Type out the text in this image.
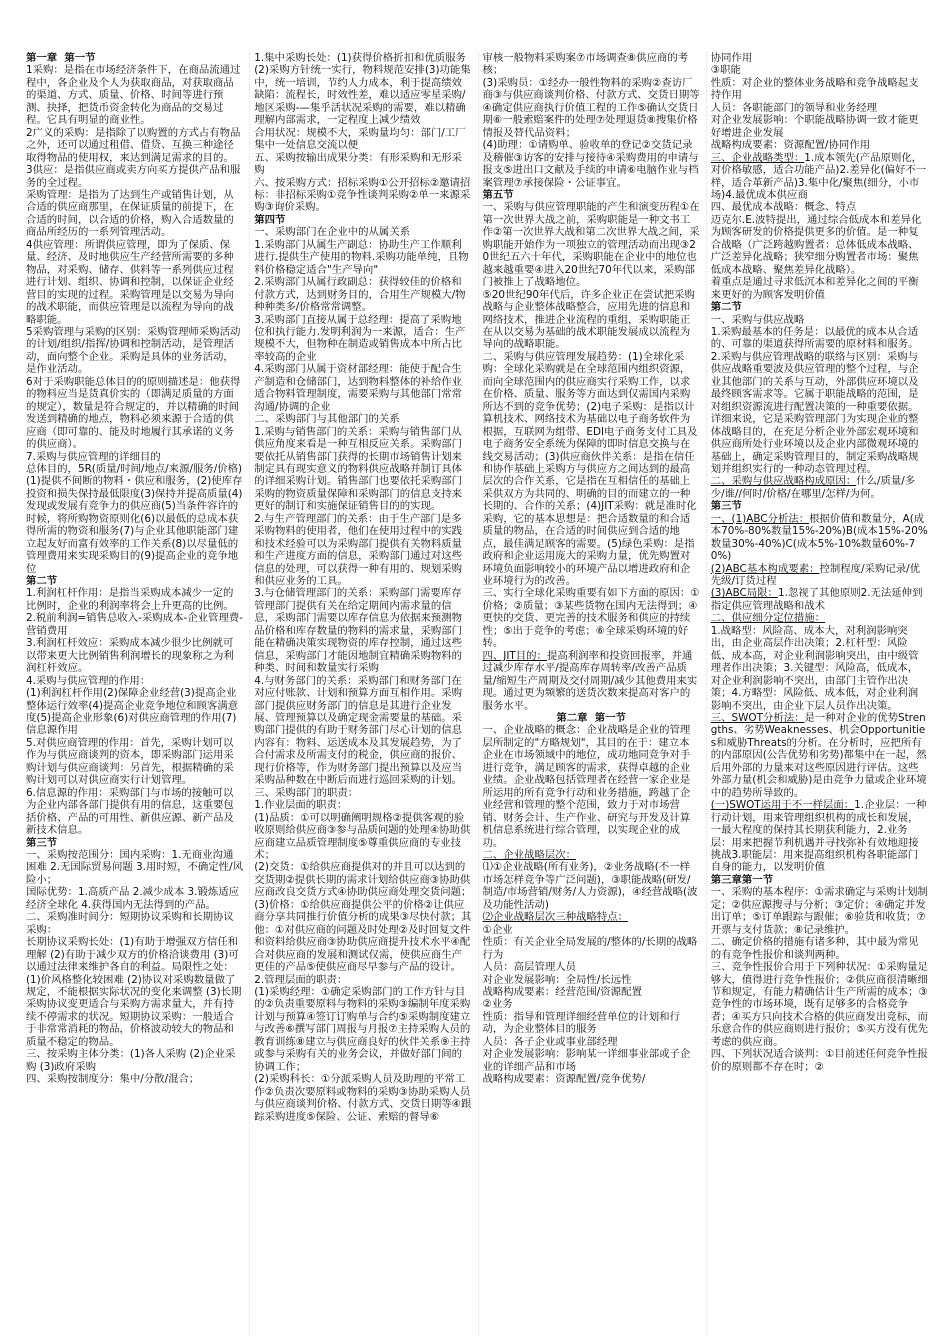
第一章  第一节

1采购：是指在市场经济条件下，在商品流通过程中，各企业及个人为获取商品，对获取商品的渠道、方式、质量、价格、时间等进行预测、抉择，把货币资金转化为商品的交易过程。它具有明显的商业性。

2广义的采购：是指除了以购置的方式占有物品之外，还可以通过租借、借贷、互换三种途径取得物品的使用权，来达到满足需求的目的。

3供应：是指供应商或卖方向买方提供产品和服务的全过程。

采购管理：是指为了达到生产或销售计划，从合适的供应商那里，在保证质量的前提下，在合适的时间，以合适的价格，购入合适数量的商品所经历的一系列管理活动。

4供应管理：所谓供应管理，即为了保质、保量、经济、及时地供应生产经营所需要的多种物品，对采购、储存、供料等一系列供应过程进行计划、组织、协调和控制，以保证企业经营目的实现的过程。采购管理是以交易为导向的战术职能，而供应管理是以流程为导向的战略职能。

5采购管理与采购的区别：采购管理师采购活动的计划/组织/指挥/协调和控制活动，是管理活动，面向整个企业。采购是具体的业务活动，是作业活动。

6对于采购职能总体目的的原则描述是：他获得的物料应当是货真价实的（即满足质量的方面的规定），数量是符合规定的，并以精确的时间发送到精确的地点，物料必须来源于合适的供应商（即可靠的、能及时地履行其承诺的义务的供应商）。

7.采购与供应管理的详细目的

总体目的，5R(质量/时间/地点/来源/服务/价格)

(1)提供不间断的物料・供应和服务，(2)使库存投资和损失保持最低限度(3)保持并提高质量(4)发现或发展有竞争力的供应商(5)当条件容许的时候，将所购物资原则化(6)以最低的总成本获得所需的物资和服务(7)与企业其他职能部门建立起友好而富有效率的工作关系(8)以尽量低的管理费用来实现采购目的(9)提高企业的竞争地位

第二节

1.利润杠杆作用：是指当采购成本减少一定的比例时，企业的利润率将会上升更高的比例。

2.税前利润=销售总收入-采购成本-企业管理费-营销费用

3.利润杠杆效应：采购成本减少很少比例就可以带来更大比例销售利润增长的现象称之为利润杠杆效应。

4.采购与供应管理的作用：

(1)利润杠杆作用(2)保障企业经营(3)提高企业整体运行效率(4)提高企业竞争地位和顾客满意度(5)提高企业形象(6)对供应商管理的作用(7)信息源作用

5.对供应商管理的作用：首先，采购计划可以作为与供应商谈判的资本，即采购部门运用采购计划与供应商谈判：另首先，根据精确的采购计划可以对供应商实行计划管理。

6.信息源的作用：采购部门与市场的接触可以为企业内部各部门提供有用的信息，这重要包括价格、产品的可用性、新供应源、新产品及新技术信息。

第三节

一、采购按范围分：国内采购：1.无商业沟通困难 2.无国际贸易问题 3.用时短，不确定性/风险小；

国际优势：1.高质产品 2.减少成本 3.锻炼适应经济全球化 4.获得国内无法得到的产品。

二、采购准时间分：短期协议采购和长期协议采购：

长期协议采购长处：(1)有助于增强双方信任和理解 (2)有助于减少双方的价格洽谈费用 (3)可以通过法律来维护各自的利益。局限性之处：(1)价风格整化较困难 (2)协议对采购数量做了规定，不能根据实际状况的变化来调整 (3)长期采购协议变更适合与采购方需求量大，并有持续不停需求的状况。短期协议采购：一般适合于非常常消耗的物品，价格波动较大的物品和质量不稳定的物品。

三、按采购主体分类：(1)各人采购 (2)企业采购 (3)政府采购

四、采购按制度分：集中/分散/混合；

1.集中采购长处：(1)获得价格折扣和优质服务(2)采购方针统一实行，物料规范安排(3)功能集中，统一培训，节约人力成本，利于提高绩效

缺陷：流程长，时效性差，难以适应零星采购/地区采购-—集乎活状况采购的需要，难以精确理解内部需求，一定程度上减少绩效

合用状况：规模不大，采购量均匀：部门/工厂集中一处信息交流以便

五、采购按输出成果分类：有形采购和无形采购

六、按采购方式：招标采购①公开招标②邀请招标：非招标采购①竞争性谈判采购②单一来源采购③询价采购。

第四节

一、采购部门在企业中的从属关系

1.采购部门从属生产副总：协助生产工作顺利进行.提供生产使用的物料.采购功能单纯，且物料价格稳定适合"生产导向"

2.采购部门从属行政副总：获得较佳的价格和付款方式，达到财务目的，合用生产规模大/物种种类多/价格常常调整。

3.采购部门直接从属于总经理：提高了采购地位和执行能力.发明利润为一来源，适合：生产规模不大，但物种在制造或销售成本中所占比率较高的企业

4.采购部门从属于资材部经理：能使于配合生产制造和仓储部门，达到物料整体的补给作业适合物料管理制度，需要采购与其他部门常常沟通/协调的企业

二、采购部门与其他部门的关系

1.采购与销售部门的关系：采购与销售部门从供应角度来看是一种互相反应关系。采购部门要依托从销售部门获得的长期市场销售计划来制定具有现实意义的物料供应战略并制订具体的详细采购计划。销售部门也要依托采购部门采购的物资质量保障和采购部门的信息支持来更好的制订和实施保证销售目的的实现。

2.与生产管理部门的关系：由于生产部门是多采购物料的使用者，他们在使用过程中的实践和技术经验可以为采购部门提供有关物料质量和生产进度方面的信息，采购部门通过对这些信息的处理，可以获得一种有用的、规划采购和供应业务的工具。

3.与仓储管理部门的关系：采购部门需要库存管理部门提供有关在给定期间内需求量的信息，采购部门需要以库存信息为依据来预测物品价格和库存数量的物料的需求量，采购部门能在精确决策实现物资的库存控制，通过这些信息，采购部门才能因地制宜精确采购物料的种类、时间和数量实行采购

4.与财务部门的关系：采购部门和财务部门在对应付账款、计划和预算方面互相作用。采购部门提供应财务部门的信息是其进行企业发展、管理预算以及确定现金需要量的基础。采购部门提供的有助于财务部门尽心计划的信息内容有：物料、运送成本及其发展趋势，为了合付需求及所需支付的税金，供应商的报价、现行价格等，作为财务部门提出预算以及应当采购品种数在中断后而进行巡回采购的计划。

三、采购部门的职责：

1.作业层面的职责：

(1)品质：①可以明确阐明规格②提供客观的验收原则给供应商③参与品质问题的处理④协助供应商建立品质管理制度⑤尊重供应商的专业技术；

(2)交货：①给供应商提供对的并且可以达到的交货期②提供长期的需求计划给供应商③协助供应商改良交货方式④协助供应商处理交货问题；

(3)价格：①给供应商提供公平的价格②让供应商分享共同推行价值分析的成果③尽快付款；其他：①对供应商的问题及时处理②及时回复文件和资料给供应商③协助供应商提升技术水平④配合对供应商的发展和测试仅需，使供应商生产更佳的产品⑤使供应商尽早参与产品的设计。

2.管理层面的职责：

(1)采购经理：①确定采购部门的工作方针与目的②负责重要原料与物料的采购③编制年度采购计划与预算④签订订购单与合约⑤采购制度建立与改善⑥撰写部门周报与月报⑦主持采购人员的教育训练⑧建立与供应商良好的伙伴关系⑨主持或参与采购有关的业务会议，并做好部门间的协调工作；

(2)采购科长：①分派采购人员及助理的平常工作②负责次要原料或物料的采购③协助采购人员与供应商谈判价格、付款方式、交货日期等④跟踪采购进度⑤保险、公证、索赔的督导⑥

审核一般物料采购案⑦市场调查⑧供应商的考核；

(3)采购员：①经办一般性物料的采购②查访厂商③与供应商谈判价格、付款方式、交货日期等④确定供应商执行价值工程的工作⑤确认交货日期⑥一般索赔案件的处理⑦处理退货⑧搜集价格情报及替代品资料；

(4)助理：①请购单、验收单的登记②交货记录及稽催③访客的安排与接待④采购费用的申请与报支⑤进出口文献及手续的申请⑥电脑作业与档案管理⑦承接保险・公证事宜。

第五节

一、采购与供应管理职能的产生和演变历程①在第一次世界大战之前，采购职能是一种文书工作②第一次世界大战和第二次世界大战之间，采购职能开始作为一项独立的管理活动而出现③20世纪五六十年代，采购职能在企业中的地位也越来越重要④进入20世纪70年代以来，采购部门被推上了战略地位。

⑤20世纪90年代后，许多企业正在尝试把采购战略与企业整体战略整合，应用先进的信息和网络技术，推进企业流程的重组，采购职能正在从以交易为基础的战术职能发展成以流程为导向的战略职能。

二、采购与供应管理发展趋势：(1)全球化采购：全球化采购就是在全球范围内组织资源，而向全球范围内的供应商实行采购工作，以求在价格、质量、服务等方面达到仅需国内采购所达不到的竞争优势；(2)电子采购：是指以计算机技术、网络技术为基础以电子商务软件为根据，互联网为组带、EDI电子商务支付工具及电子商务安全系统为保障的即时信息交换与在线交易活动；(3)供应商伙伴关系：是指在信任和协作基础上采购方与供应方之间达到的最高层次的合作关系，它是指在互相信任的基础上采供双方为共同的、明确的目的而建立的一种长期的、合作的关系；(4)JIT采购：就是准时化采购，它的基本思想是：把合适数量的和合适质量的物品，在合适的时间供应到合适的地点，最佳满足顾客的需要。(5)绿色采购：是指政府和企业运用庞大的采购力量，优先购置对环境负面影响较小的环境产品以增进政府和企业环境行为的改善。

三、实行全球化采购重要有如下方面的原因：①价格；②质量；③某些货物在国内无法得到；④更快的交货、更完善的技术服务和供应的持续性；⑤出于竞争的考虑；⑥全球采购环境的好转。

四、JIT目的：提高利润率和投资回报率，并通过减少库存水平/提高库存周转率/改善产品质量/缩短生产周期及交付周期/减少其他费用来实现。通过更为频繁的送货次数来提高对客户的服务水平。

第二章  第一节

一、企业战略的概念：企业战略是企业的管理层所制定的"方略规划"，其目的在于：建立本企业在市场领域中的地位，成功地同竞争对手进行竞争，满足顾客的需求，获得卓越的企业业绩。企业战略包括管理者在经营一家企业是所运用的所有竞争行动和业务措施，跨越了企业经营和管理的整个范围，致力于对市场营销、财务会计、生产作业、研究与开发及计算机信息系统进行综合管理，以实现企业的成功。

二、企业战略层次：

⑴①企业战略(所有业务)，②业务战略(不一样市场怎样竞争等广泛问题)，③职能战略(研发/制造/市场营销/财务/人力资源)，④经营战略(波及功能性活动)

⑵企业战略层次三种战略特点：

①企业

性质：有关企业全局发展的/整体的/长期的战略行为

人员：高层管理人员

对企业发展影响：全局性/长远性

战略构成要素：经营范围/资源配置

②业务

性质：指导和管理详细经营单位的计划和行动，为企业整体目的服务

人员：各子企业或事业部经理

对企业发展影响：影响某一详细事业部或子企业的详细产品和市场

战略构成要素：资源配置/竞争优势/

协同作用

③职能

性质：对企业的整体业务战略和竞争战略起支持作用

人员：各职能部门的领导和业务经理

对企业发展影响：个职能战略协调一致才能更好增进企业发展

战略构成要素：资源配置/协同作用

三、企业战略类型：1.成本领先(产品原则化，对价格敏感，适合功能产品)2.差异化(偏好不一样，适合革新产品)3.集中化/聚焦(细分，小市场)4.最优成本供应商

四、最优成本战略：概念、特点

迈克尔.E.波特提出，通过综合低成本和差异化为顾客研发的价格提供更多的价值。是一种复合战略（广泛跨越购置者：总体低成本战略、广泛差异化战略；狭窄细分购置者市场：聚焦低成本战略、聚焦差异化战略）。

着重点是通过寻求低沉本和差异化之间的平衡来更好的为顾客发明价值

第二节

一、采购与供应战略

1.采购最基本的任务是：以最优的成本从合适的、可靠的渠道获得所需要的原材料和服务。

2.采购与供应管理战略的联络与区别：采购与供应战略重要波及供应管理的整个过程，与企业其他部门的关系与互动，外部供应环境以及最终顾客需求等。它属于职能战略的范围，是对组织资源流进行配置决策的一种重要依据。详细来说，它是采购管理部门为实现企业的整体战略目的，在充足分析企业外部宏观环境和供应商所处行业环境以及企业内部微观环境的基础上，确定采购管理目的，制定采购战略规划并组织实行的一种动态管理过程。

二、采购与供应战略构成原因：什么/质量/多少/谁//何时/价格/在哪里/怎样/为何。

第三节

一、(1)ABC分析法：根据价值和数量分，A(成本70%-80%数量15%-20%)B(成本15%-20%数量30%-40%)C(成本5%-10%数量60%-70%)

(2)ABC基本构成要素：控制程度/采购记录/优先级/订货过程

(3)ABC局限：1.忽视了其他原则2.无法延伸到指定供应管理战略和战术

二、供应细分定位措施：

1.战略型：风险高、成本大，对利润影响突出，由企业高层作出决策；2.杠杆型：风险低、成本高，对企业利润影响突出，由中级管理者作出决策；3.关键型：风险高，低成本，对企业利润影响不突出，由部门主管作出决策；4.方略型：风险低、成本低，对企业利润影响不突出，由企业下层人员作出决策。

三、SWOT分析法：是一种对企业的优势Strengths、劣势Weaknesses、机会Opportunities和威胁Threats的分析。在分析时，应把所有的内部原因(公告优势和劣势)都集中在一起，然后用外部的力量来对这些原因进行评估。这些外部力量(机会和威胁)是由竞争力量或企业环境中的趋势所导致的。

(一)SWOT运用于不一样层面：1.企业层：一种行动计划，用来管理组织机构的成长和发展，一最大程度的保持其长期获利能力，2.业务层：用来把握节利机遇并寻找弥补有效地迎接挑战3.职能层：用来提高组织机构各职能部门自身的能力，以发明价值

第三章第一节

一、采购的基本程序：①需求确定与采购计划制定；②供应源搜寻与分析；③定价；④确定并发出订单；⑤订单跟踪与跟催；⑥验货和收货；⑦开票与支付货款；⑧记录维护。

二、确定价格的措施有诸多种，其中最为常见的有竞争性报价和谈判两种。

三、竞争性报价合用于下列种状况：①采购量足够大，值得进行竞争性报价；②供应商很清晰细节和规定，有能力精确估计生产所需的成本；③竞争性的市场环境，既有足够多的合格竞争者；④买方只向技术合格的供应商发出竞标，而乐意合作的供应商则进行报价；⑤买方没有优先考虑的供应商。

四、下列状况适合谈判：①目前述任何竞争性报价的原则都不存在时；②
